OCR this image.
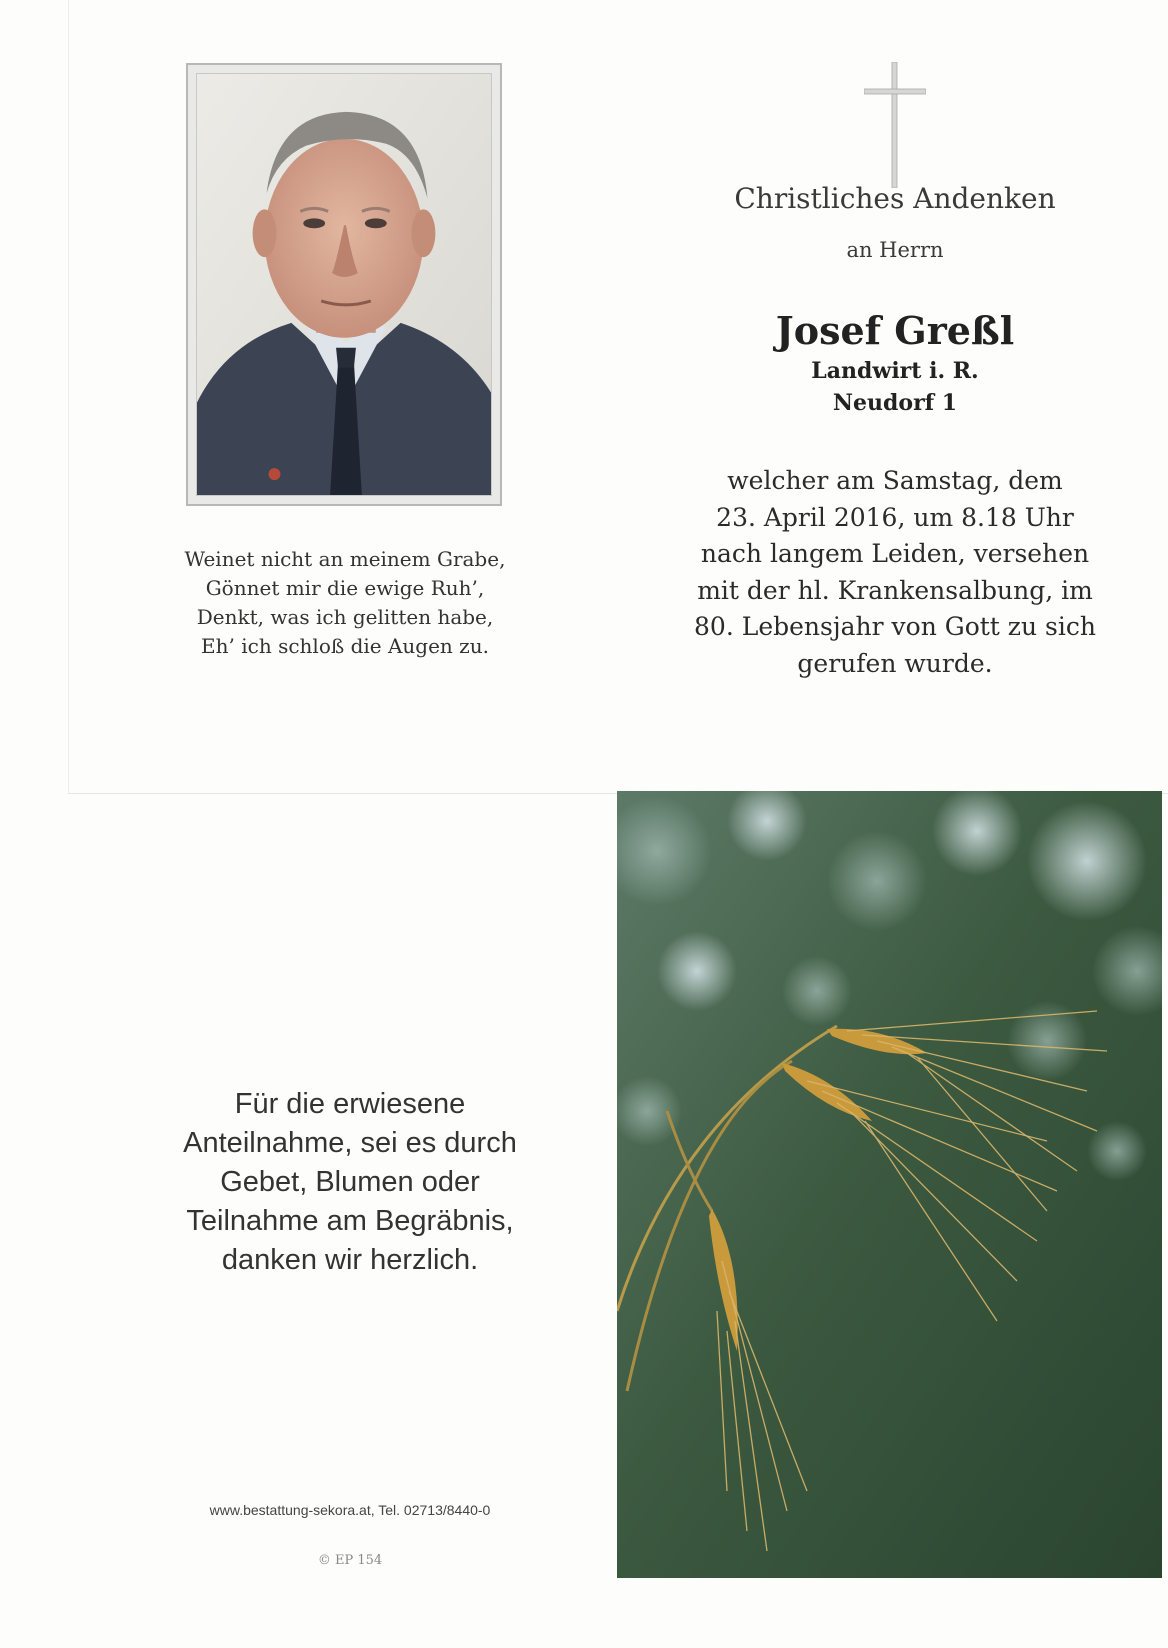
Weinet nicht an meinem Grabe,
Gönnet mir die ewige Ruh’,
Denkt, was ich gelitten habe,
Eh’ ich schloß die Augen zu.
Christliches Andenken
an Herrn
Josef Greßl
Landwirt i. R.
Neudorf 1
welcher am Samstag, dem
23. April 2016, um 8.18 Uhr
nach langem Leiden, versehen
mit der hl. Krankensalbung, im
80. Lebensjahr von Gott zu sich
gerufen wurde.
Für die erwiesene
Anteilnahme, sei es durch
Gebet, Blumen oder
Teilnahme am Begräbnis,
danken wir herzlich.
www.bestattung-sekora.at, Tel. 02713/8440-0
© EP 154
